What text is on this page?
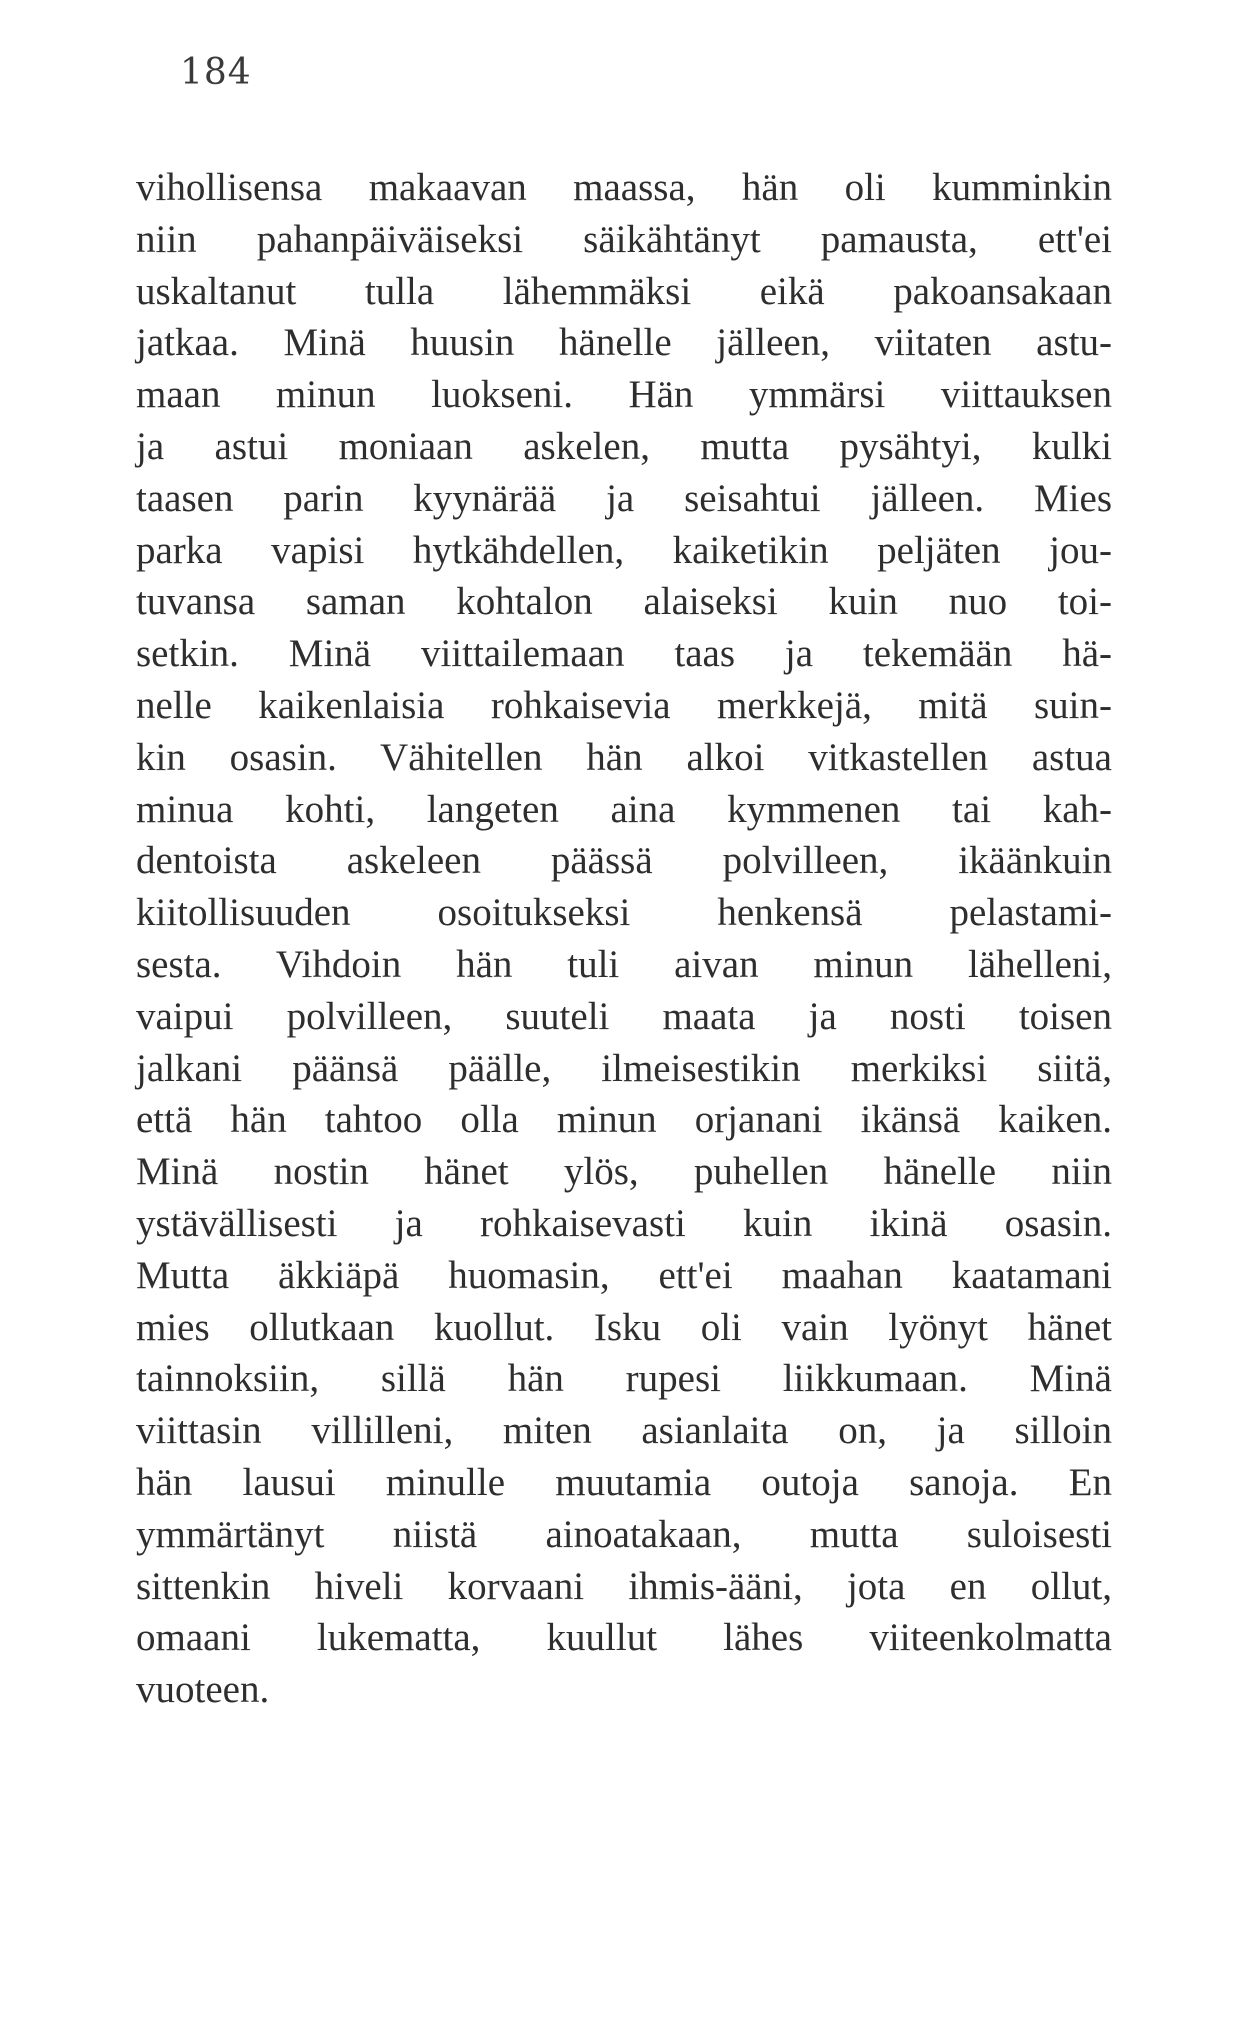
184
vihollisensa makaavan maassa, hän oli kumminkin
niin pahanpäiväiseksi säikähtänyt pamausta, ett'ei
uskaltanut tulla lähemmäksi eikä pakoansakaan
jatkaa. Minä huusin hänelle jälleen, viitaten astu-
maan minun luokseni. Hän ymmärsi viittauksen
ja astui moniaan askelen, mutta pysähtyi, kulki
taasen parin kyynärää ja seisahtui jälleen. Mies
parka vapisi hytkähdellen, kaiketikin peljäten jou-
tuvansa saman kohtalon alaiseksi kuin nuo toi-
setkin. Minä viittailemaan taas ja tekemään hä-
nelle kaikenlaisia rohkaisevia merkkejä, mitä suin-
kin osasin. Vähitellen hän alkoi vitkastellen astua
minua kohti, langeten aina kymmenen tai kah-
dentoista askeleen päässä polvilleen, ikäänkuin
kiitollisuuden osoitukseksi henkensä pelastami-
sesta. Vihdoin hän tuli aivan minun lähelleni,
vaipui polvilleen, suuteli maata ja nosti toisen
jalkani päänsä päälle, ilmeisestikin merkiksi siitä,
että hän tahtoo olla minun orjanani ikänsä kaiken.
Minä nostin hänet ylös, puhellen hänelle niin
ystävällisesti ja rohkaisevasti kuin ikinä osasin.
Mutta äkkiäpä huomasin, ett'ei maahan kaatamani
mies ollutkaan kuollut. Isku oli vain lyönyt hänet
tainnoksiin, sillä hän rupesi liikkumaan. Minä
viittasin villilleni, miten asianlaita on, ja silloin
hän lausui minulle muutamia outoja sanoja. En
ymmärtänyt niistä ainoatakaan, mutta suloisesti
sittenkin hiveli korvaani ihmis-ääni, jota en ollut,
omaani lukematta, kuullut lähes viiteenkolmatta
vuoteen.
